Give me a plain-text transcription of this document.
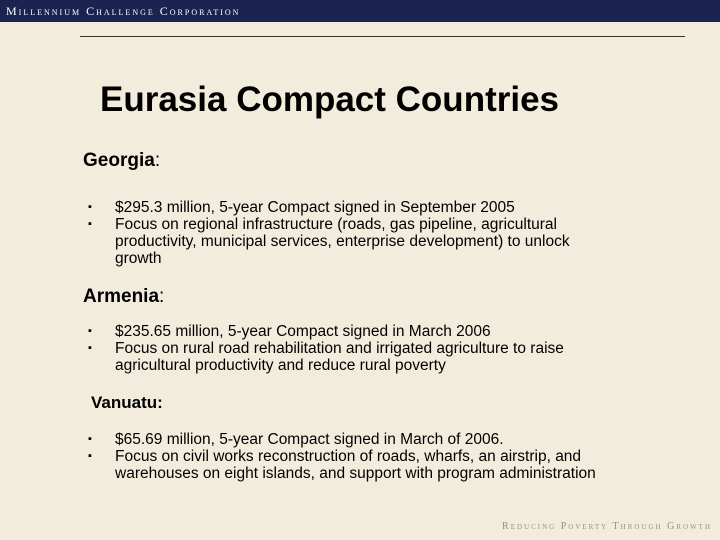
Millennium Challenge Corporation
Eurasia Compact Countries
Georgia:
▪ $295.3 million, 5-year Compact signed in September 2005
▪ Focus on regional infrastructure (roads, gas pipeline, agricultural
productivity, municipal services, enterprise development) to unlock
growth
Armenia:
▪ $235.65 million, 5-year Compact signed in March 2006
▪ Focus on rural road rehabilitation and irrigated agriculture to raise
agricultural productivity and reduce rural poverty
Vanuatu:
▪ $65.69 million, 5-year Compact signed in March of 2006.
▪ Focus on civil works reconstruction of roads, wharfs, an airstrip, and
warehouses on eight islands, and support with program administration
Reducing Poverty Through Growth
